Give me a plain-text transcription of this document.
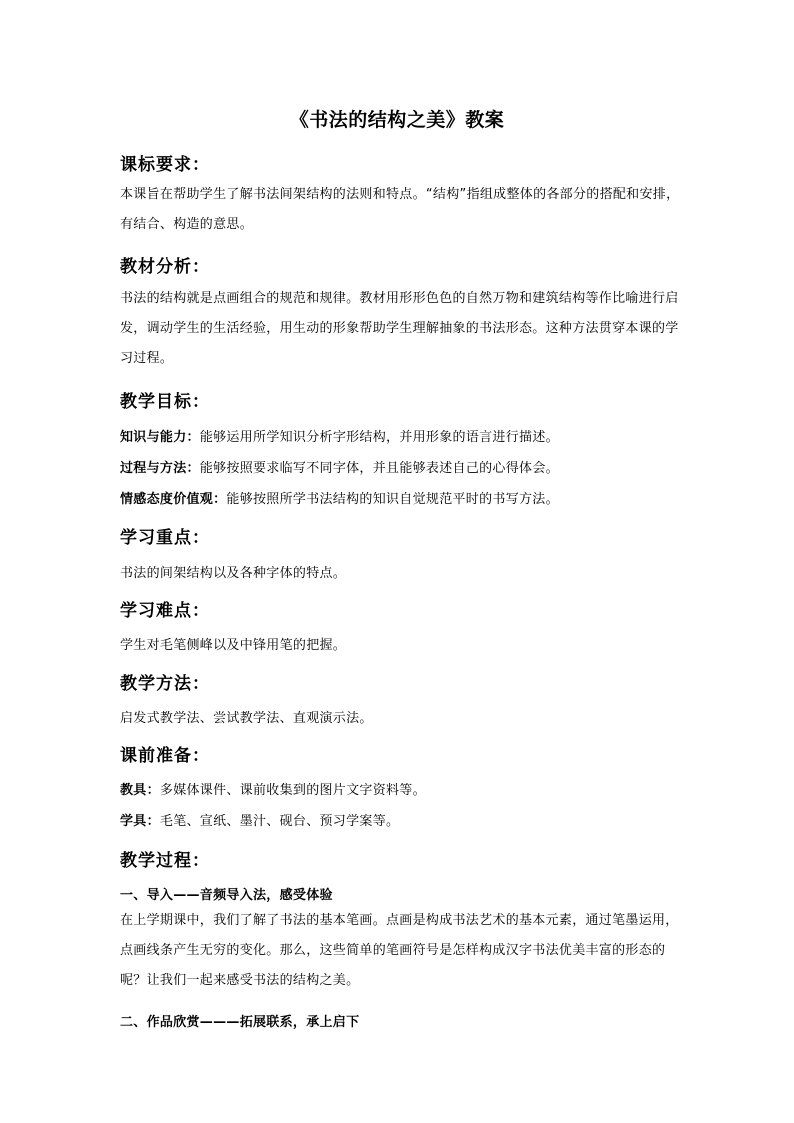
《书法的结构之美》教案
课标要求：
本课旨在帮助学生了解书法间架结构的法则和特点。“结构”指组成整体的各部分的搭配和安排，有结合、构造的意思。
教材分析：
书法的结构就是点画组合的规范和规律。教材用形形色色的自然万物和建筑结构等作比喻进行启发，调动学生的生活经验，用生动的形象帮助学生理解抽象的书法形态。这种方法贯穿本课的学习过程。
教学目标：
知识与能力：能够运用所学知识分析字形结构，并用形象的语言进行描述。
过程与方法：能够按照要求临写不同字体，并且能够表述自己的心得体会。
情感态度价值观：能够按照所学书法结构的知识自觉规范平时的书写方法。
学习重点：
书法的间架结构以及各种字体的特点。
学习难点：
学生对毛笔侧峰以及中锋用笔的把握。
教学方法：
启发式教学法、尝试教学法、直观演示法。
课前准备：
教具：多媒体课件、课前收集到的图片文字资料等。
学具：毛笔、宣纸、墨汁、砚台、预习学案等。
教学过程：
一、导入——音频导入法，感受体验
在上学期课中，我们了解了书法的基本笔画。点画是构成书法艺术的基本元素，通过笔墨运用，点画线条产生无穷的变化。那么，这些简单的笔画符号是怎样构成汉字书法优美丰富的形态的呢？让我们一起来感受书法的结构之美。
二、作品欣赏———拓展联系，承上启下
